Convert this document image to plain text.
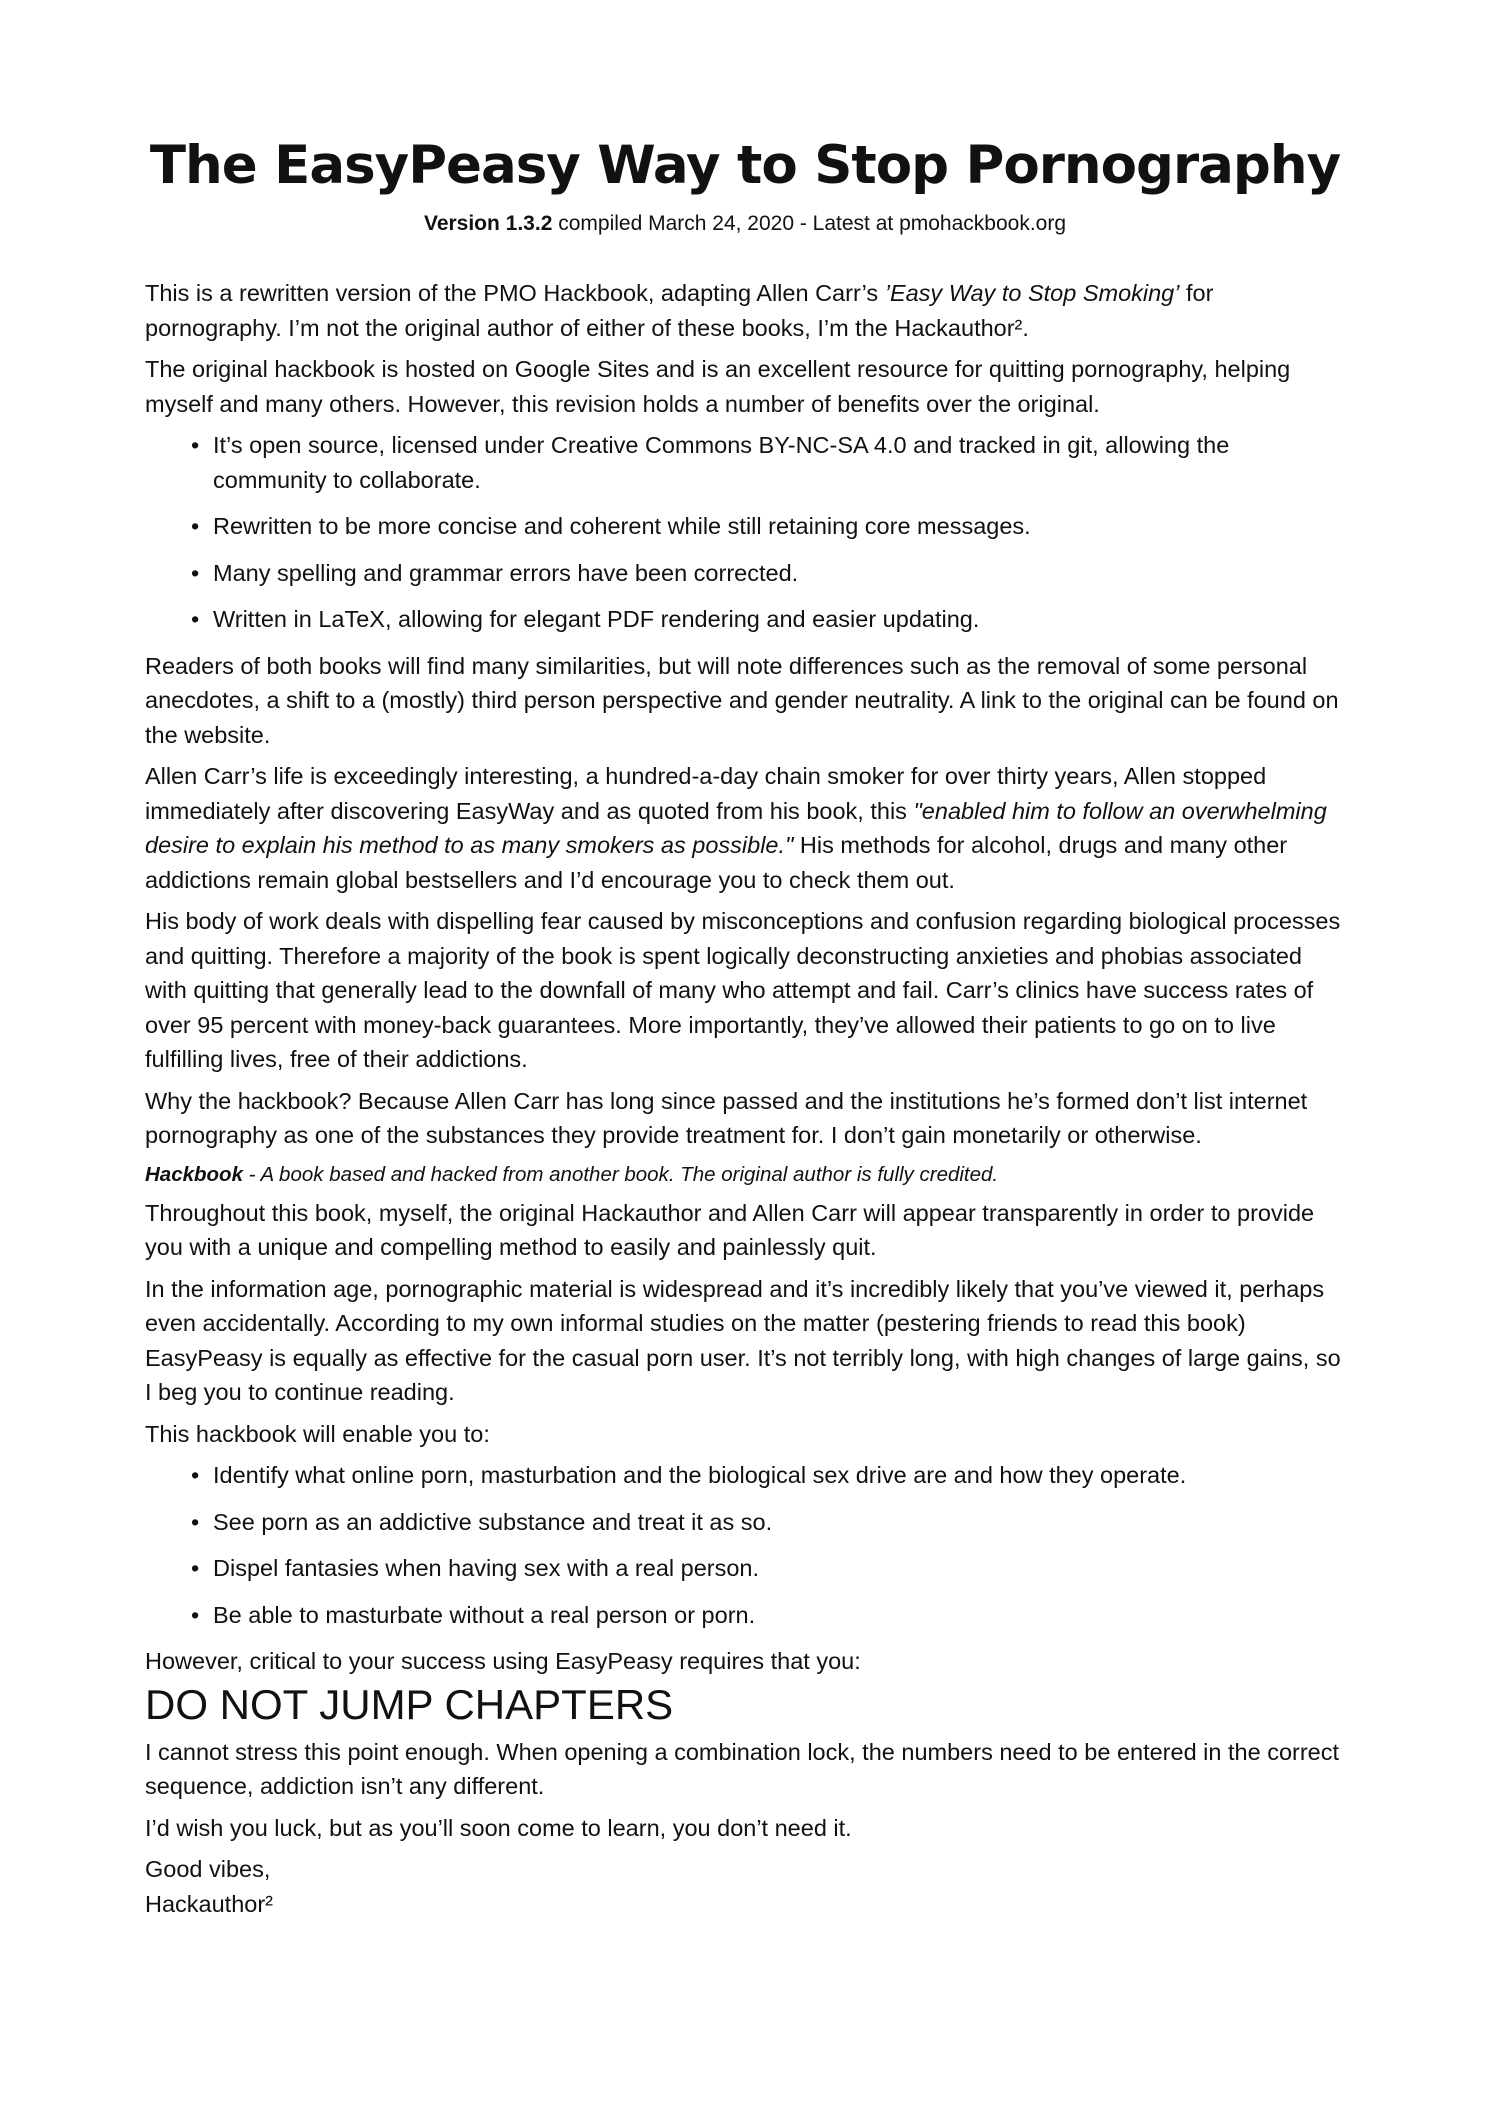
The EasyPeasy Way to Stop Pornography
Version 1.3.2 compiled March 24, 2020 - Latest at pmohackbook.org

This is a rewritten version of the PMO Hackbook, adapting Allen Carr’s ’Easy Way to Stop Smoking’ for pornography. I’m not the original author of either of these books, I’m the Hackauthor².

The original hackbook is hosted on Google Sites and is an excellent resource for quitting pornography, helping myself and many others. However, this revision holds a number of benefits over the original.

• It’s open source, licensed under Creative Commons BY-NC-SA 4.0 and tracked in git, allowing the community to collaborate.
• Rewritten to be more concise and coherent while still retaining core messages.
• Many spelling and grammar errors have been corrected.
• Written in LaTeX, allowing for elegant PDF rendering and easier updating.

Readers of both books will find many similarities, but will note differences such as the removal of some personal anecdotes, a shift to a (mostly) third person perspective and gender neutrality. A link to the original can be found on the website.

Allen Carr’s life is exceedingly interesting, a hundred-a-day chain smoker for over thirty years, Allen stopped immediately after discovering EasyWay and as quoted from his book, this "enabled him to follow an overwhelming desire to explain his method to as many smokers as possible." His methods for alcohol, drugs and many other addictions remain global bestsellers and I’d encourage you to check them out.

His body of work deals with dispelling fear caused by misconceptions and confusion regarding biological processes and quitting. Therefore a majority of the book is spent logically deconstructing anxieties and phobias associated with quitting that generally lead to the downfall of many who attempt and fail. Carr’s clinics have success rates of over 95 percent with money-back guarantees. More importantly, they’ve allowed their patients to go on to live fulfilling lives, free of their addictions.

Why the hackbook? Because Allen Carr has long since passed and the institutions he’s formed don’t list internet pornography as one of the substances they provide treatment for. I don’t gain monetarily or otherwise.

Hackbook - A book based and hacked from another book. The original author is fully credited.

Throughout this book, myself, the original Hackauthor and Allen Carr will appear transparently in order to provide you with a unique and compelling method to easily and painlessly quit.

In the information age, pornographic material is widespread and it’s incredibly likely that you’ve viewed it, perhaps even accidentally. According to my own informal studies on the matter (pestering friends to read this book) EasyPeasy is equally as effective for the casual porn user. It’s not terribly long, with high changes of large gains, so I beg you to continue reading.

This hackbook will enable you to:

• Identify what online porn, masturbation and the biological sex drive are and how they operate.
• See porn as an addictive substance and treat it as so.
• Dispel fantasies when having sex with a real person.
• Be able to masturbate without a real person or porn.

However, critical to your success using EasyPeasy requires that you:

DO NOT JUMP CHAPTERS

I cannot stress this point enough. When opening a combination lock, the numbers need to be entered in the correct sequence, addiction isn’t any different.

I’d wish you luck, but as you’ll soon come to learn, you don’t need it.

Good vibes,

Hackauthor²
